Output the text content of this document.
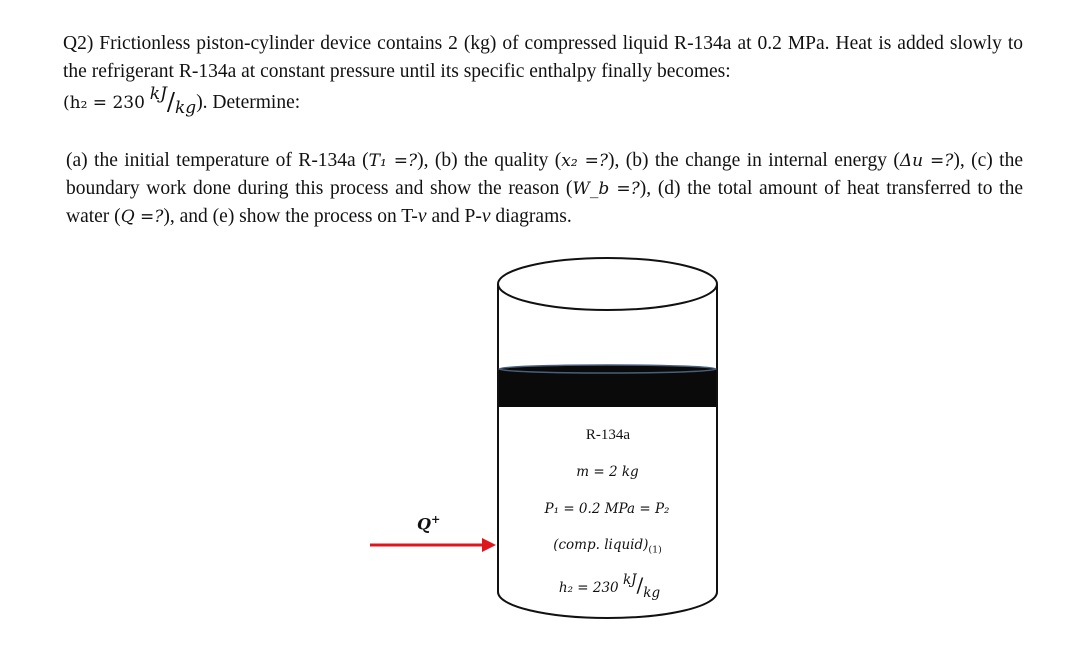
Q2) Frictionless piston-cylinder device contains 2 (kg) of compressed liquid R-134a at 0.2 MPa. Heat is added slowly to the refrigerant R-134a at constant pressure until its specific enthalpy finally becomes:
(h₂ = 230 kJ/kg). Determine:
(a) the initial temperature of R-134a (T₁ =?), (b) the quality (x₂ =?), (b) the change in internal energy (Δu =?), (c) the boundary work done during this process and show the reason (W_b =?), (d) the total amount of heat transferred to the water (Q =?), and (e) show the process on T-v and P-v diagrams.
Q+
R-134a
m = 2 kg
P₁ = 0.2 MPa = P₂
(comp. $liquid)_{(1)}$
h₂ = 230 kJ/kg
